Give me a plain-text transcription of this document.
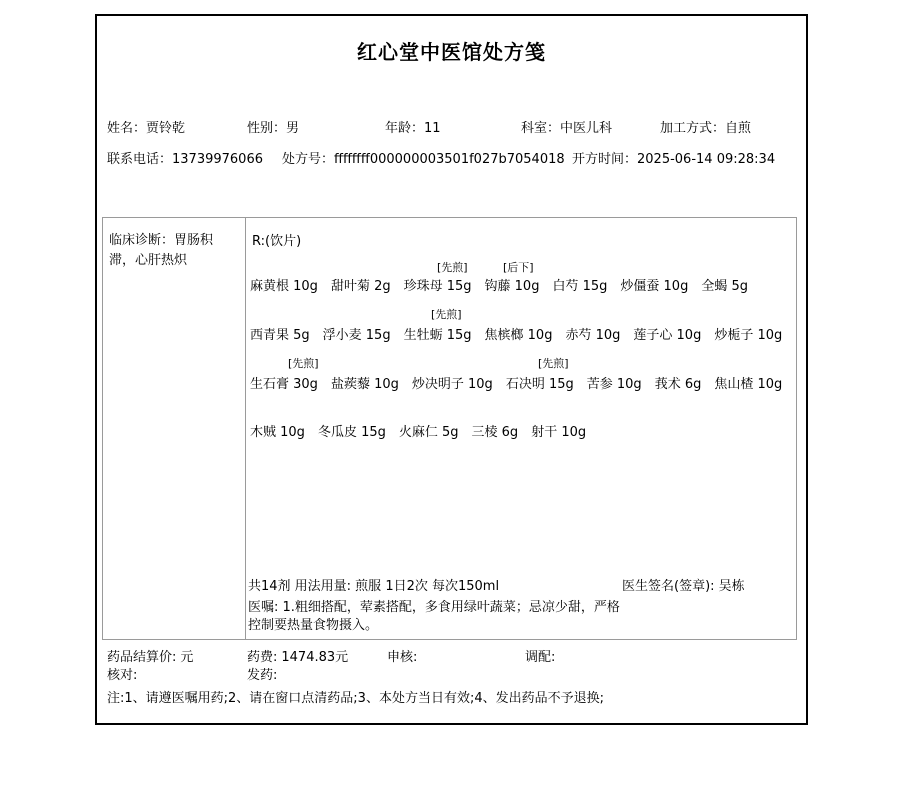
红心堂中医馆处方笺
姓名：贾铃乾	性别：男	年龄：11	科室：中医儿科	加工方式：自煎
联系电话：13739976066 处方号：ffffffff000000003501f027b7054018 开方时间：2025-06-14 09:28:34
临床诊断：胃肠积滞，心肝热炽
R:(饮片)
[先煎]	[后下]
麻黄根 10g 甜叶菊 2g 珍珠母 15g 钩藤 10g 白芍 15g 炒僵蚕 10g 全蝎 5g
[先煎]
西青果 5g 浮小麦 15g 生牡蛎 15g 焦槟榔 10g 赤芍 10g 莲子心 10g 炒栀子 10g
[先煎]	[先煎]
生石膏 30g 盐蒺藜 10g 炒决明子 10g 石决明 15g 苦参 10g 莪术 6g 焦山楂 10g
木贼 10g 冬瓜皮 15g 火麻仁 5g 三棱 6g 射干 10g
共14剂 用法用量: 煎服 1日2次 每次150ml	医生签名(签章): 吴栋
医嘱: 1.粗细搭配，荤素搭配，多食用绿叶蔬菜；忌凉少甜，严格控制要热量食物摄入。
药品结算价: 元	药费: 1474.83元	申核:	调配:
核对:	发药:
注:1、请遵医嘱用药;2、请在窗口点清药品;3、本处方当日有效;4、发出药品不予退换;
